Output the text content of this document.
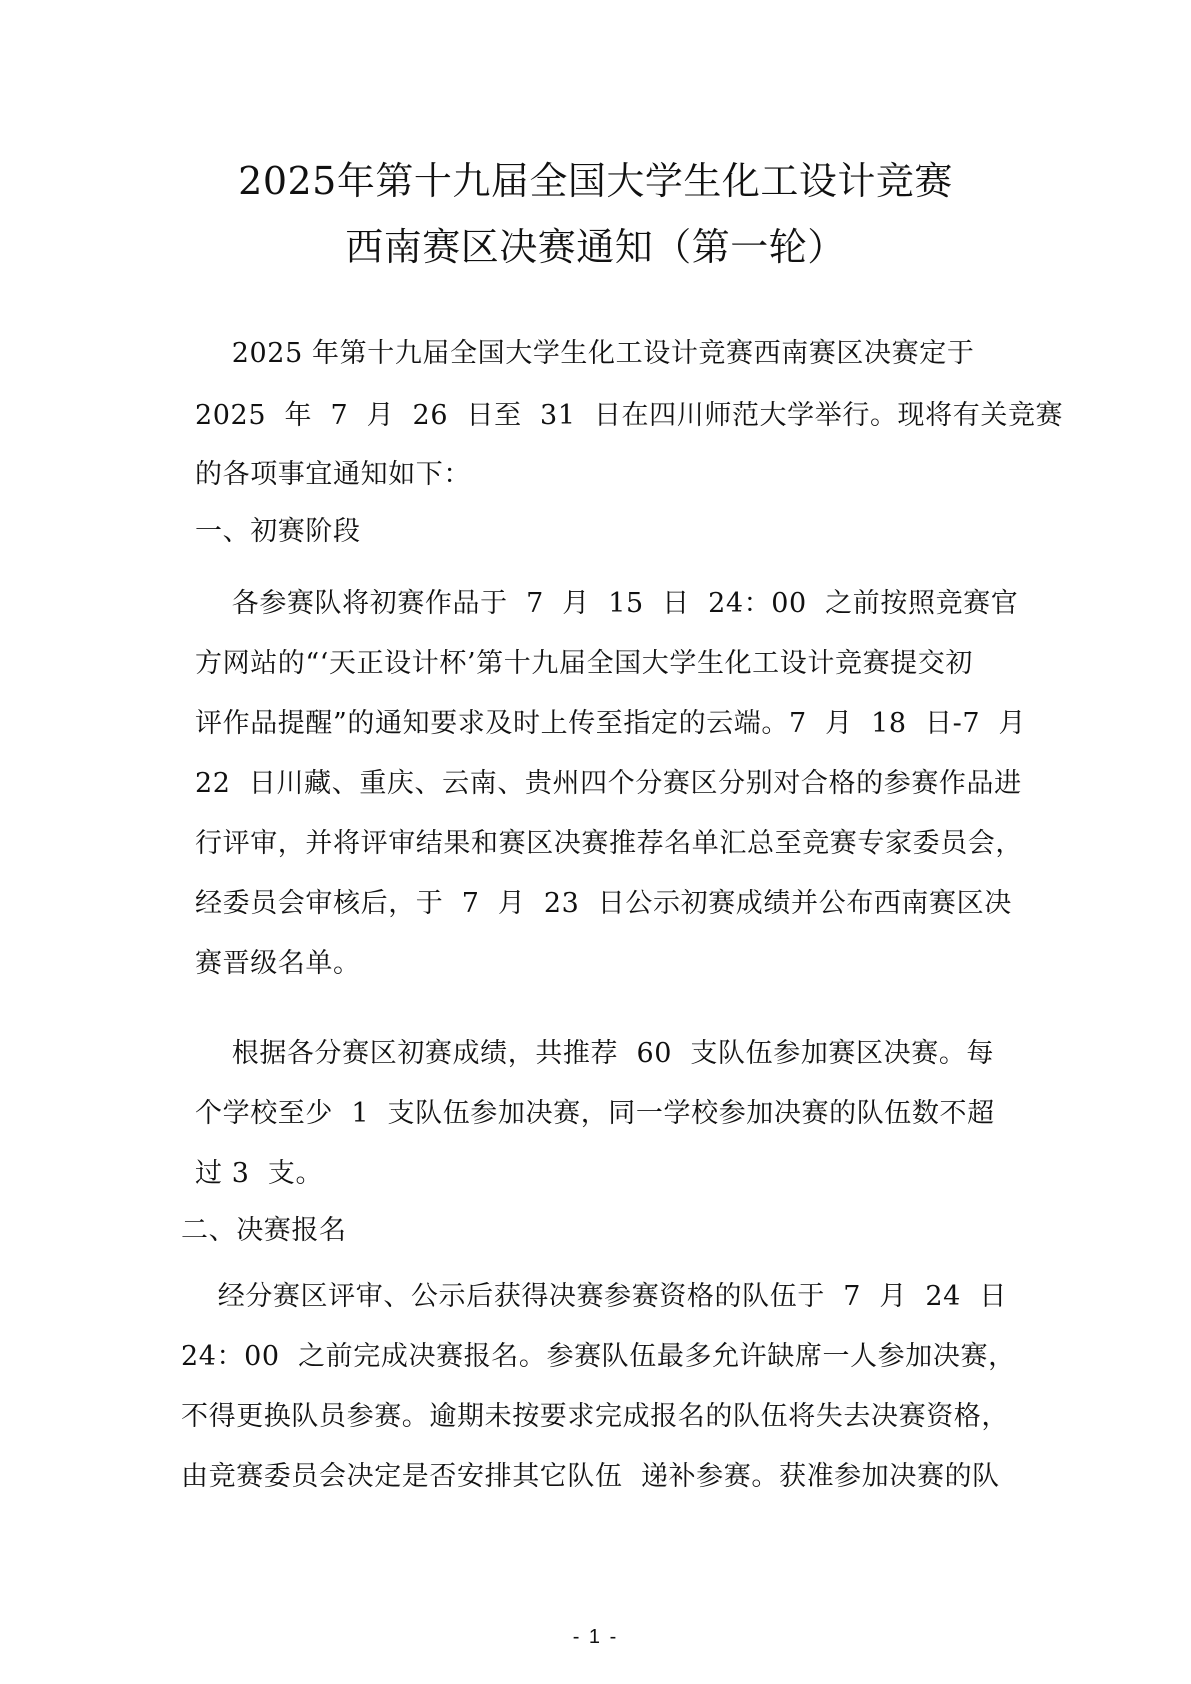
2025年第十九届全国大学生化工设计竞赛
西南赛区决赛通知（第一轮）
2025 年第十九届全国大学生化工设计竞赛西南赛区决赛定于
2025  年  7  月  26  日至  31  日在四川师范大学举行。现将有关竞赛
的各项事宜通知如下：
一、初赛阶段
各参赛队将初赛作品于  7  月  15  日  24：00  之前按照竞赛官
方网站的“‘天正设计杯’第十九届全国大学生化工设计竞赛提交初
评作品提醒”的通知要求及时上传至指定的云端。7  月  18  日-7  月
22  日川藏、重庆、云南、贵州四个分赛区分别对合格的参赛作品进
行评审，并将评审结果和赛区决赛推荐名单汇总至竞赛专家委员会，
经委员会审核后，于  7  月  23  日公示初赛成绩并公布西南赛区决
赛晋级名单。
根据各分赛区初赛成绩，共推荐  60  支队伍参加赛区决赛。每
个学校至少  1  支队伍参加决赛，同一学校参加决赛的队伍数不超
过 3  支。
二、决赛报名
经分赛区评审、公示后获得决赛参赛资格的队伍于  7  月  24  日
24：00  之前完成决赛报名。参赛队伍最多允许缺席一人参加决赛，
不得更换队员参赛。逾期未按要求完成报名的队伍将失去决赛资格，
由竞赛委员会决定是否安排其它队伍  递补参赛。获准参加决赛的队
- 1 -
